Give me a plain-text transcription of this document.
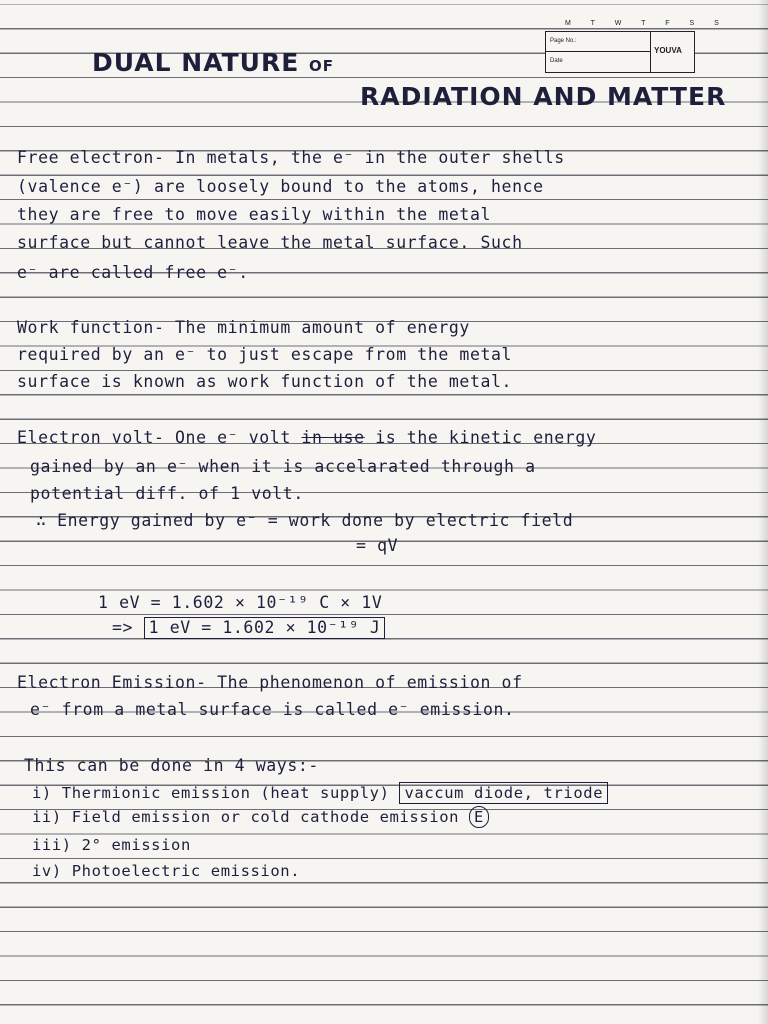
M T W T F S S
Page No.:
Date
YOUVA
DUAL NATURE OF
RADIATION AND MATTER
Free electron- In metals, the e⁻ in the outer shells
(valence e⁻) are loosely bound to the atoms, hence
they are free to move easily within the metal
surface but cannot leave the metal surface. Such
e⁻ are called free e⁻.
Work function- The minimum amount of energy
required by an e⁻ to just escape from the metal
surface is known as work function of the metal.
Electron volt- One e⁻ volt in use is the kinetic energy
gained by an e⁻ when it is accelarated through a
potential diff. of 1 volt.
∴ Energy gained by e⁻ = work done by electric field
= qV
1 eV = 1.602 × 10⁻¹⁹ C × 1V
=> 1 eV = 1.602 × 10⁻¹⁹ J
Electron Emission- The phenomenon of emission of
e⁻ from a metal surface is called e⁻ emission.
This can be done in 4 ways:-
i) Thermionic emission (heat supply) vaccum diode, triode
ii) Field emission or cold cathode emission E
iii) 2° emission
iv) Photoelectric emission.
